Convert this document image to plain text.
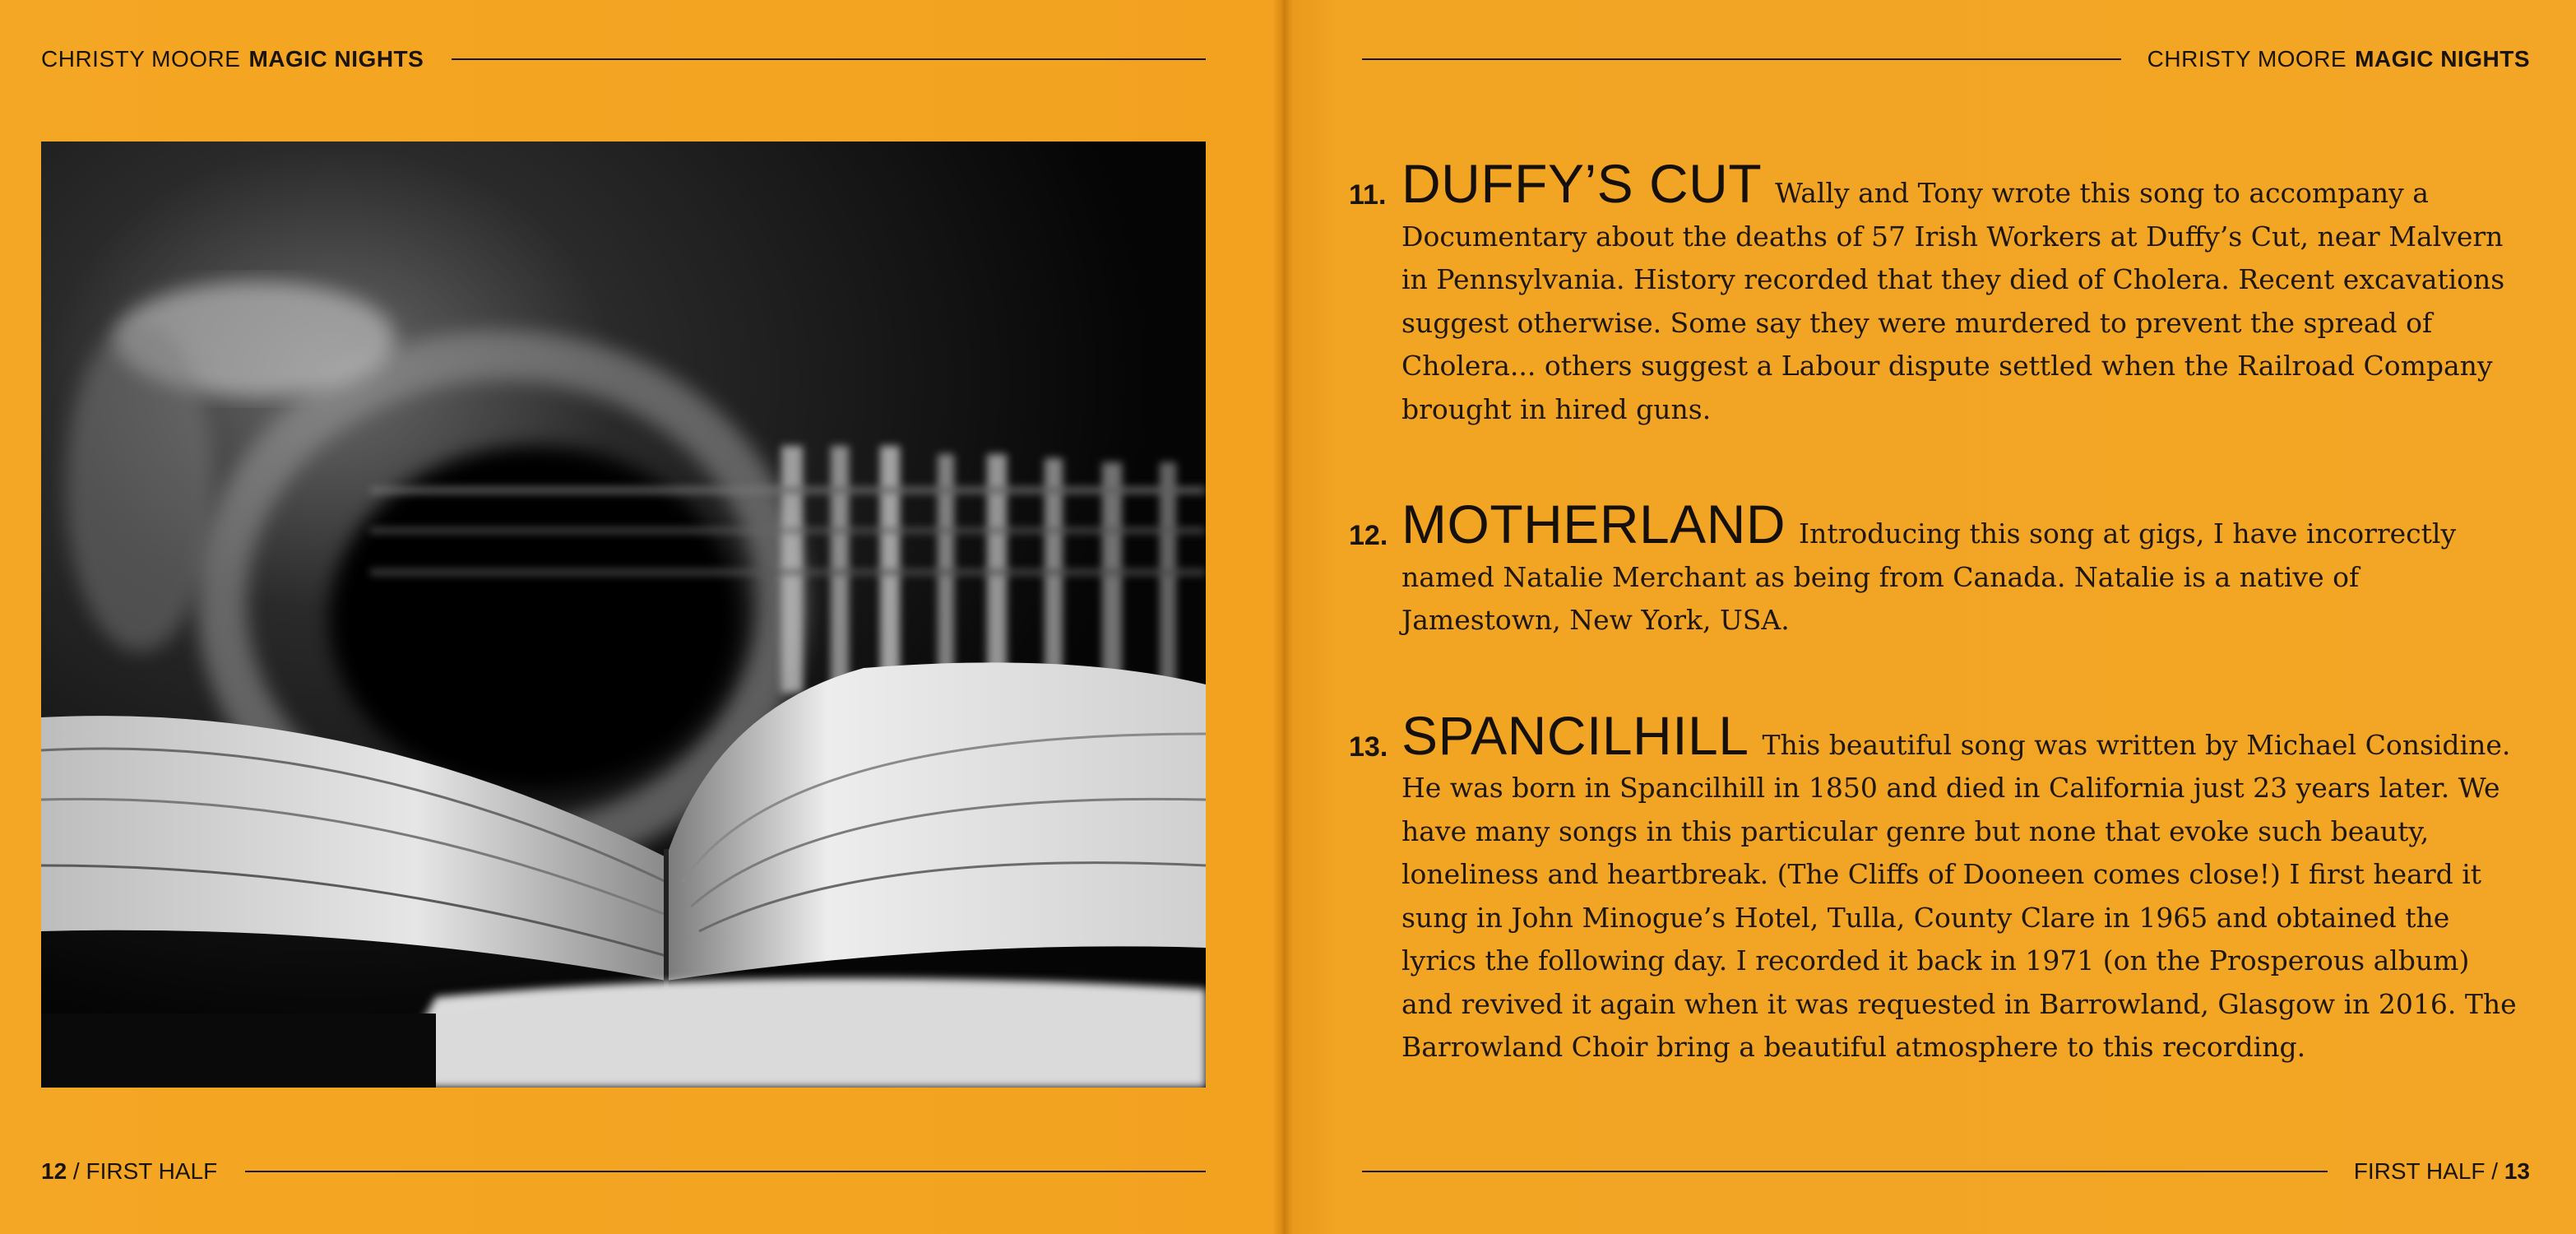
CHRISTY MOORE MAGIC NIGHTS	CHRISTY MOORE MAGIC NIGHTS
11. DUFFY’S CUT Wally and Tony wrote this song to accompany a Documentary about the deaths of 57 Irish Workers at Duffy’s Cut, near Malvern in Pennsylvania. History recorded that they died of Cholera. Recent excavations suggest otherwise. Some say they were murdered to prevent the spread of Cholera... others suggest a Labour dispute settled when the Railroad Company brought in hired guns.
12. MOTHERLAND Introducing this song at gigs, I have incorrectly named Natalie Merchant as being from Canada. Natalie is a native of Jamestown, New York, USA.
13. SPANCILHILL This beautiful song was written by Michael Considine. He was born in Spancilhill in 1850 and died in California just 23 years later. We have many songs in this particular genre but none that evoke such beauty, loneliness and heartbreak. (The Cliffs of Dooneen comes close!) I first heard it sung in John Minogue’s Hotel, Tulla, County Clare in 1965 and obtained the lyrics the following day. I recorded it back in 1971 (on the Prosperous album) and revived it again when it was requested in Barrowland, Glasgow in 2016. The Barrowland Choir bring a beautiful atmosphere to this recording.
12 / FIRST HALF	FIRST HALF / 13
